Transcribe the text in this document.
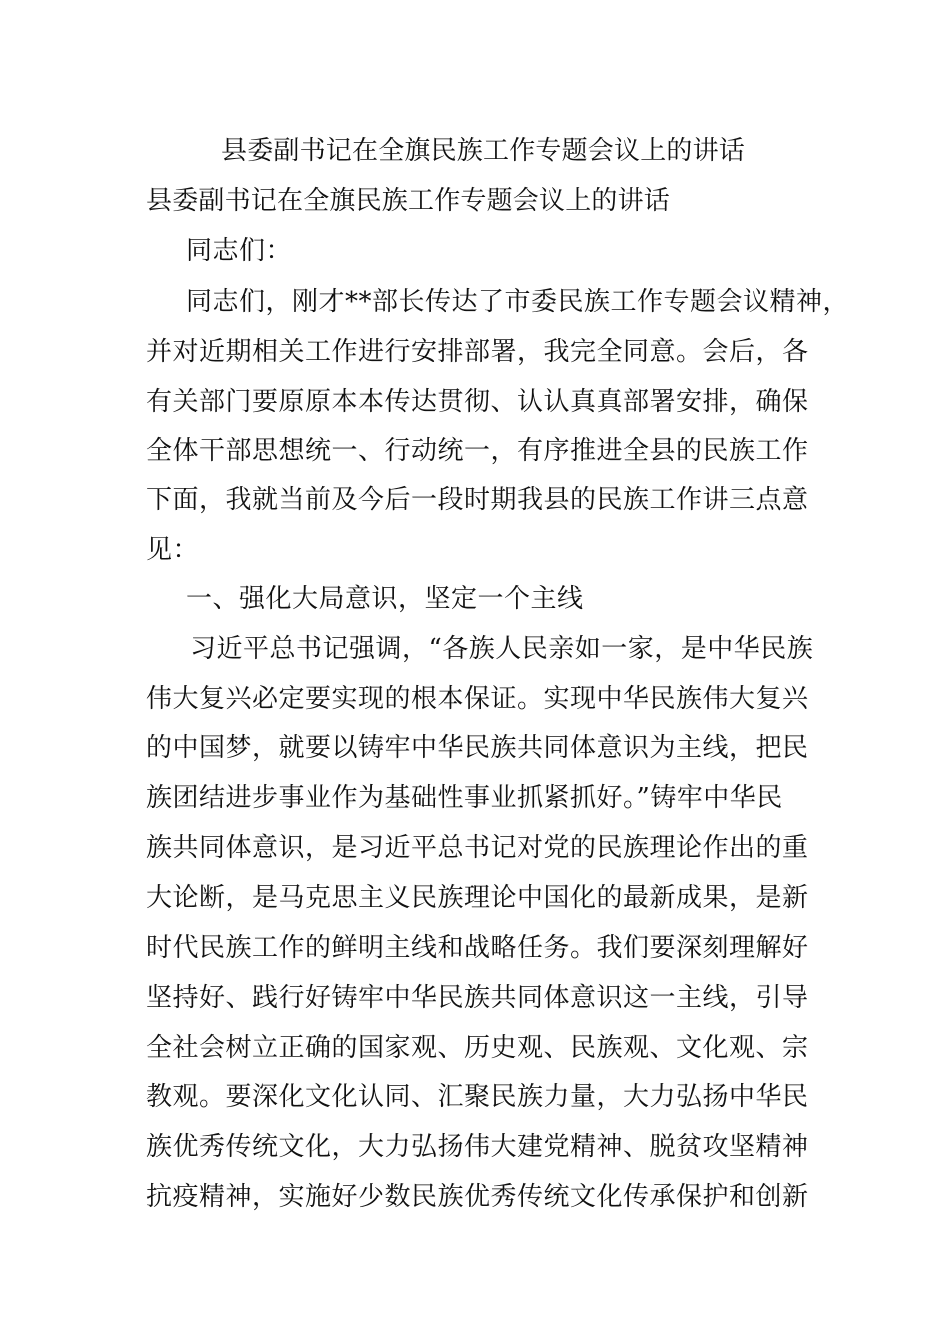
县委副书记在全旗民族工作专题会议上的讲话
县委副书记在全旗民族工作专题会议上的讲话
同志们：
同志们，刚才**部长传达了市委民族工作专题会议精神，
并对近期相关工作进行安排部署，我完全同意。会后，各
有关部门要原原本本传达贯彻、认认真真部署安排，确保
全体干部思想统一、行动统一，有序推进全县的民族工作
下面，我就当前及今后一段时期我县的民族工作讲三点意
见：
一、强化大局意识，坚定一个主线
习近平总书记强调，“各族人民亲如一家，是中华民族
伟大复兴必定要实现的根本保证。实现中华民族伟大复兴
的中国梦，就要以铸牢中华民族共同体意识为主线，把民
族团结进步事业作为基础性事业抓紧抓好。”铸牢中华民
族共同体意识，是习近平总书记对党的民族理论作出的重
大论断，是马克思主义民族理论中国化的最新成果，是新
时代民族工作的鲜明主线和战略任务。我们要深刻理解好
坚持好、践行好铸牢中华民族共同体意识这一主线，引导
全社会树立正确的国家观、历史观、民族观、文化观、宗
教观。要深化文化认同、汇聚民族力量，大力弘扬中华民
族优秀传统文化，大力弘扬伟大建党精神、脱贫攻坚精神
抗疫精神，实施好少数民族优秀传统文化传承保护和创新
